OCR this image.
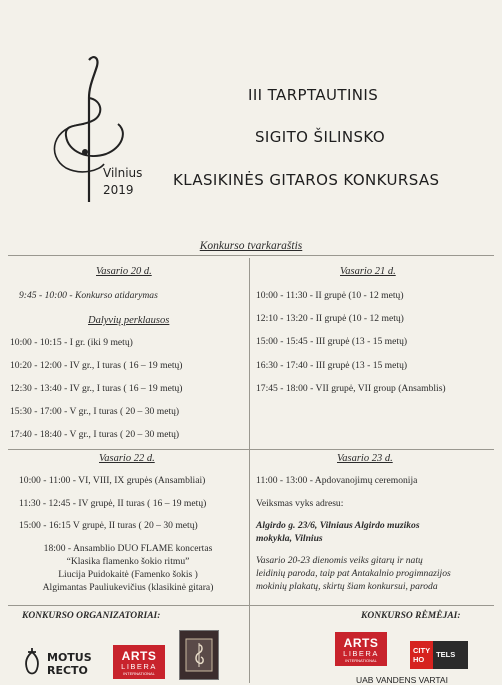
Vilnius
2019
III TARPTAUTINIS
SIGITO ŠILINSKO
KLASIKINĖS GITAROS KONKURSAS
Konkurso tvarkaraštis
Vasario 20 d.
9:45 - 10:00 - Konkurso atidarymas
Dalyvių perklausos
10:00 - 10:15 - I gr. (iki 9 metų)
10:20 - 12:00 - IV gr., I turas ( 16 – 19 metų)
12:30 - 13:40 - IV gr., I turas ( 16 – 19 metų)
15:30 - 17:00 - V gr., I turas ( 20 – 30 metų)
17:40 - 18:40 - V gr., I turas ( 20 – 30 metų)
Vasario 21 d.
10:00 - 11:30 - II grupė (10 - 12 metų)
12:10 - 13:20 - II grupė (10 - 12 metų)
15:00 - 15:45 - III grupė (13 - 15 metų)
16:30 - 17:40 - III grupė (13 - 15 metų)
17:45 - 18:00 - VII grupė, VII group (Ansamblis)
Vasario 22 d.
10:00 - 11:00 - VI, VIII, IX grupės (Ansambliai)
11:30 - 12:45 - IV grupė, II turas ( 16 – 19 metų)
15:00 - 16:15 V grupė, II turas ( 20 – 30 metų)
18:00 - Ansamblio DUO FLAME koncertas
“Klasika flamenko šokio ritmu”
Liucija Puidokaitė (Famenko šokis )
Algimantas Pauliukevičius (klasikinė gitara)
Vasario 23 d.
11:00 - 13:00 - Apdovanojimų ceremonija
Veiksmas vyks adresu:
Algirdo g. 23/6, Vilniaus Algirdo muzikos
mokykla, Vilnius
Vasario 20-23 dienomis veiks gitarų ir natų
leidinių paroda, taip pat Antakalnio progimnazijos
mokinių plakatų, skirtų šiam konkursui, paroda
KONKURSO ORGANIZATORIAI:	KONKURSO RĖMĖJAI:
MOTUS
RECTO
ARTS
LIBERA
INTERNATIONAL
ARTS
LIBERA
INTERNATIONAL
CITY
HO
TELS
UAB VANDENS VARTAI
